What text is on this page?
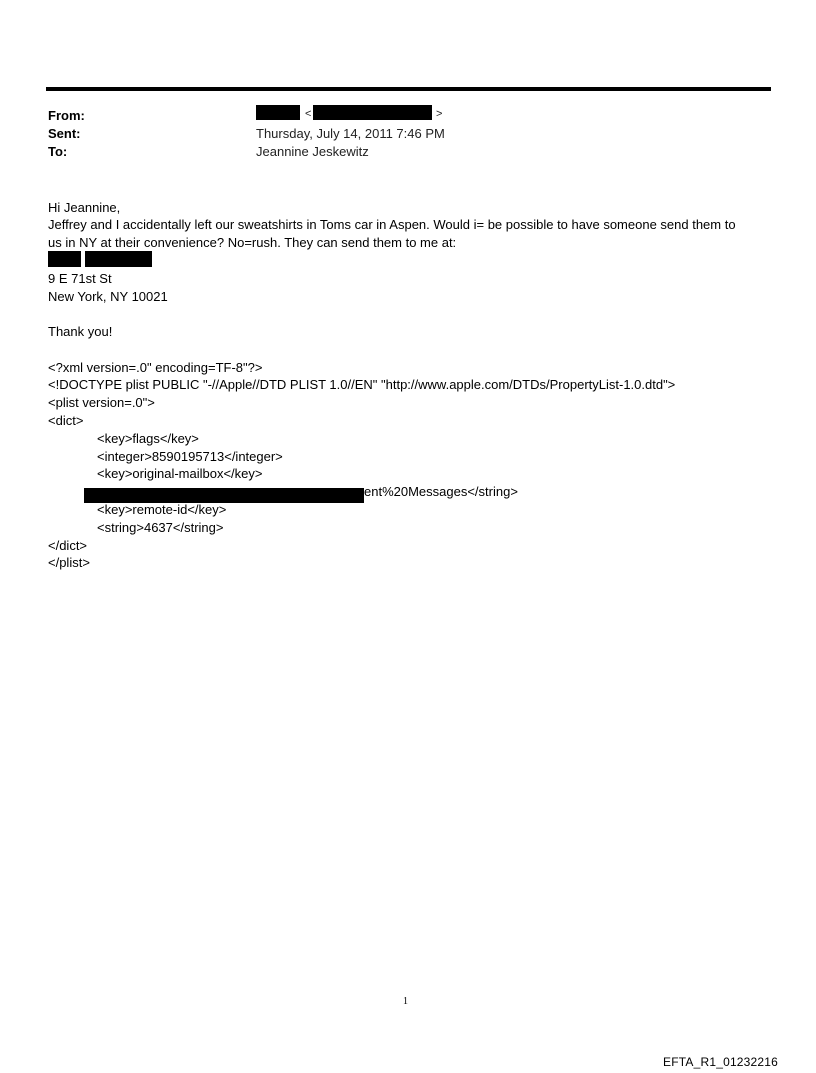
From:
Sent:
To:
<	>
Thursday, July 14, 2011 7:46 PM
Jeannine Jeskewitz
Hi Jeannine,
Jeffrey and I accidentally left our sweatshirts in Toms car in Aspen. Would i= be possible to have someone send them to
us in NY at their convenience? No=rush. They can send them to me at:
9 E 71st St
New York, NY 10021
Thank you!
<?xml version=.0" encoding=TF-8"?>
<!DOCTYPE plist PUBLIC "-//Apple//DTD PLIST 1.0//EN" "http://www.apple.com/DTDs/PropertyList-1.0.dtd">
<plist version=.0">
<dict>
<key>flags</key>
<integer>8590195713</integer>
<key>original-mailbox</key>
ent%20Messages</string>
<key>remote-id</key>
<string>4637</string>
</dict>
</plist>
1
EFTA_R1_01232216
